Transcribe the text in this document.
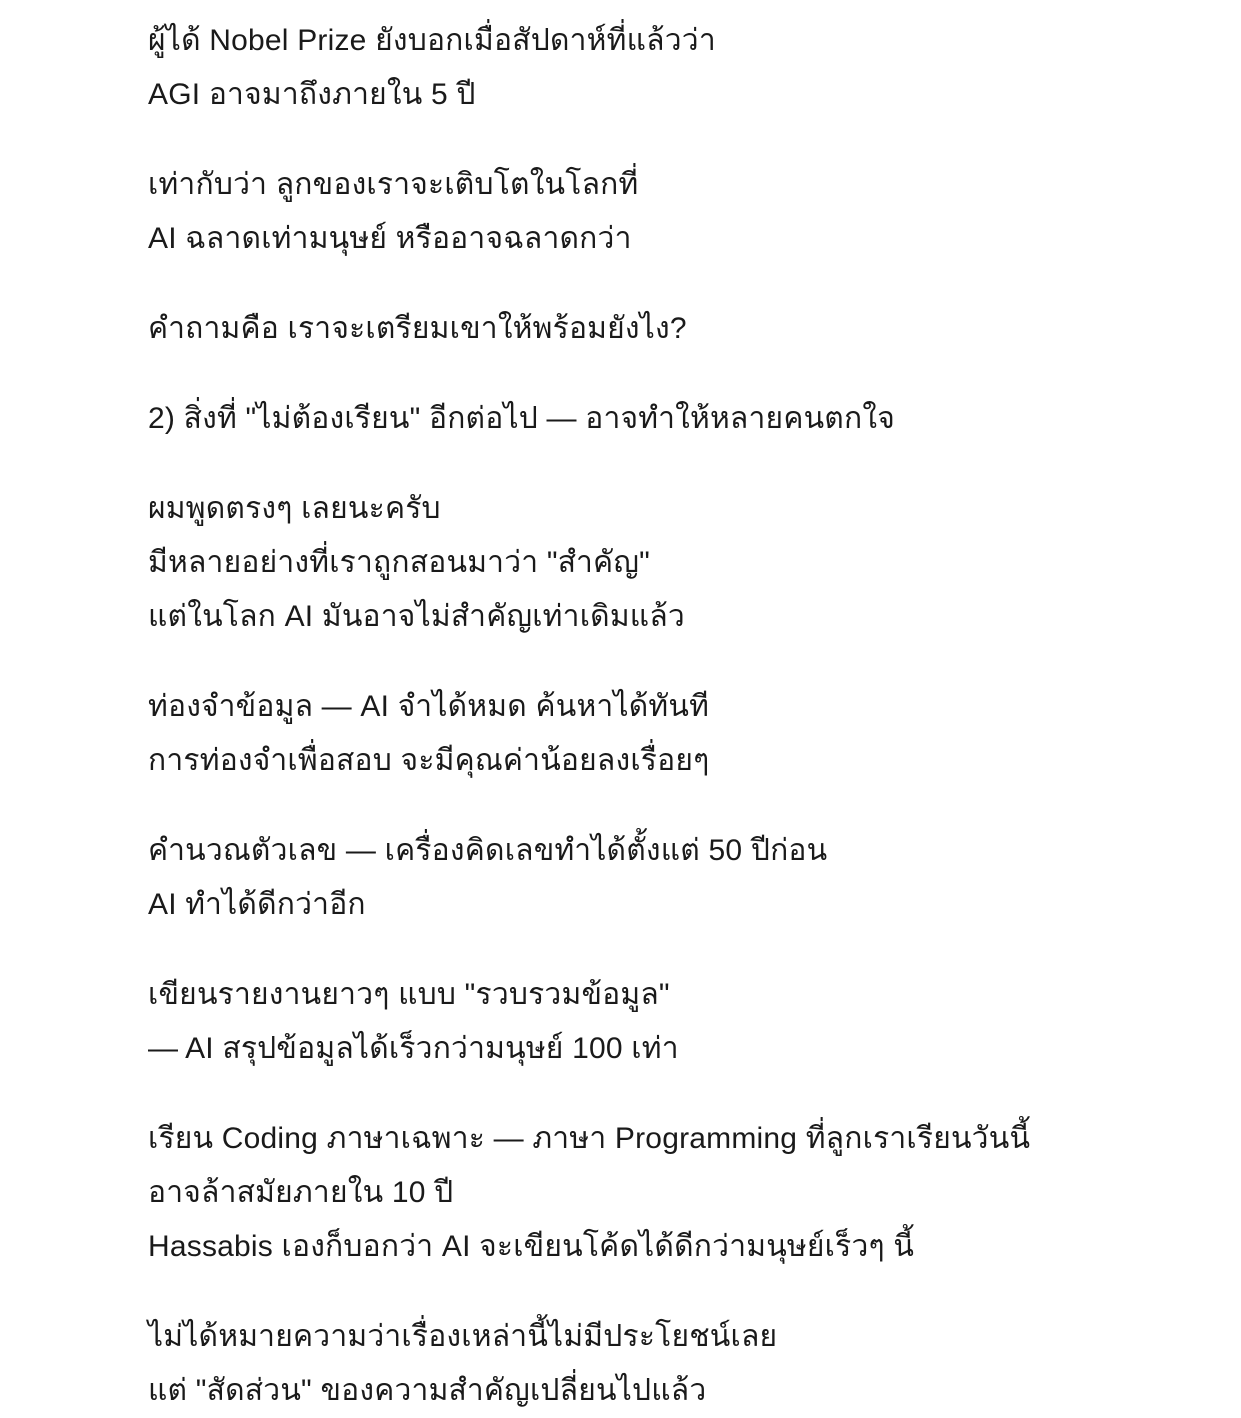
ผู้ได้ Nobel Prize ยังบอกเมื่อสัปดาห์ที่แล้วว่า
AGI อาจมาถึงภายใน 5 ปี

เท่ากับว่า ลูกของเราจะเติบโตในโลกที่
AI ฉลาดเท่ามนุษย์ หรืออาจฉลาดกว่า

คำถามคือ เราจะเตรียมเขาให้พร้อมยังไง?

2) สิ่งที่ "ไม่ต้องเรียน" อีกต่อไป — อาจทำให้หลายคนตกใจ

ผมพูดตรงๆ เลยนะครับ
มีหลายอย่างที่เราถูกสอนมาว่า "สำคัญ"
แต่ในโลก AI มันอาจไม่สำคัญเท่าเดิมแล้ว

ท่องจำข้อมูล — AI จำได้หมด ค้นหาได้ทันที
การท่องจำเพื่อสอบ จะมีคุณค่าน้อยลงเรื่อยๆ

คำนวณตัวเลข — เครื่องคิดเลขทำได้ตั้งแต่ 50 ปีก่อน
AI ทำได้ดีกว่าอีก

เขียนรายงานยาวๆ แบบ "รวบรวมข้อมูล"
— AI สรุปข้อมูลได้เร็วกว่ามนุษย์ 100 เท่า

เรียน Coding ภาษาเฉพาะ — ภาษา Programming ที่ลูกเราเรียนวันนี้
อาจล้าสมัยภายใน 10 ปี
Hassabis เองก็บอกว่า AI จะเขียนโค้ดได้ดีกว่ามนุษย์เร็วๆ นี้

ไม่ได้หมายความว่าเรื่องเหล่านี้ไม่มีประโยชน์เลย
แต่ "สัดส่วน" ของความสำคัญเปลี่ยนไปแล้ว
